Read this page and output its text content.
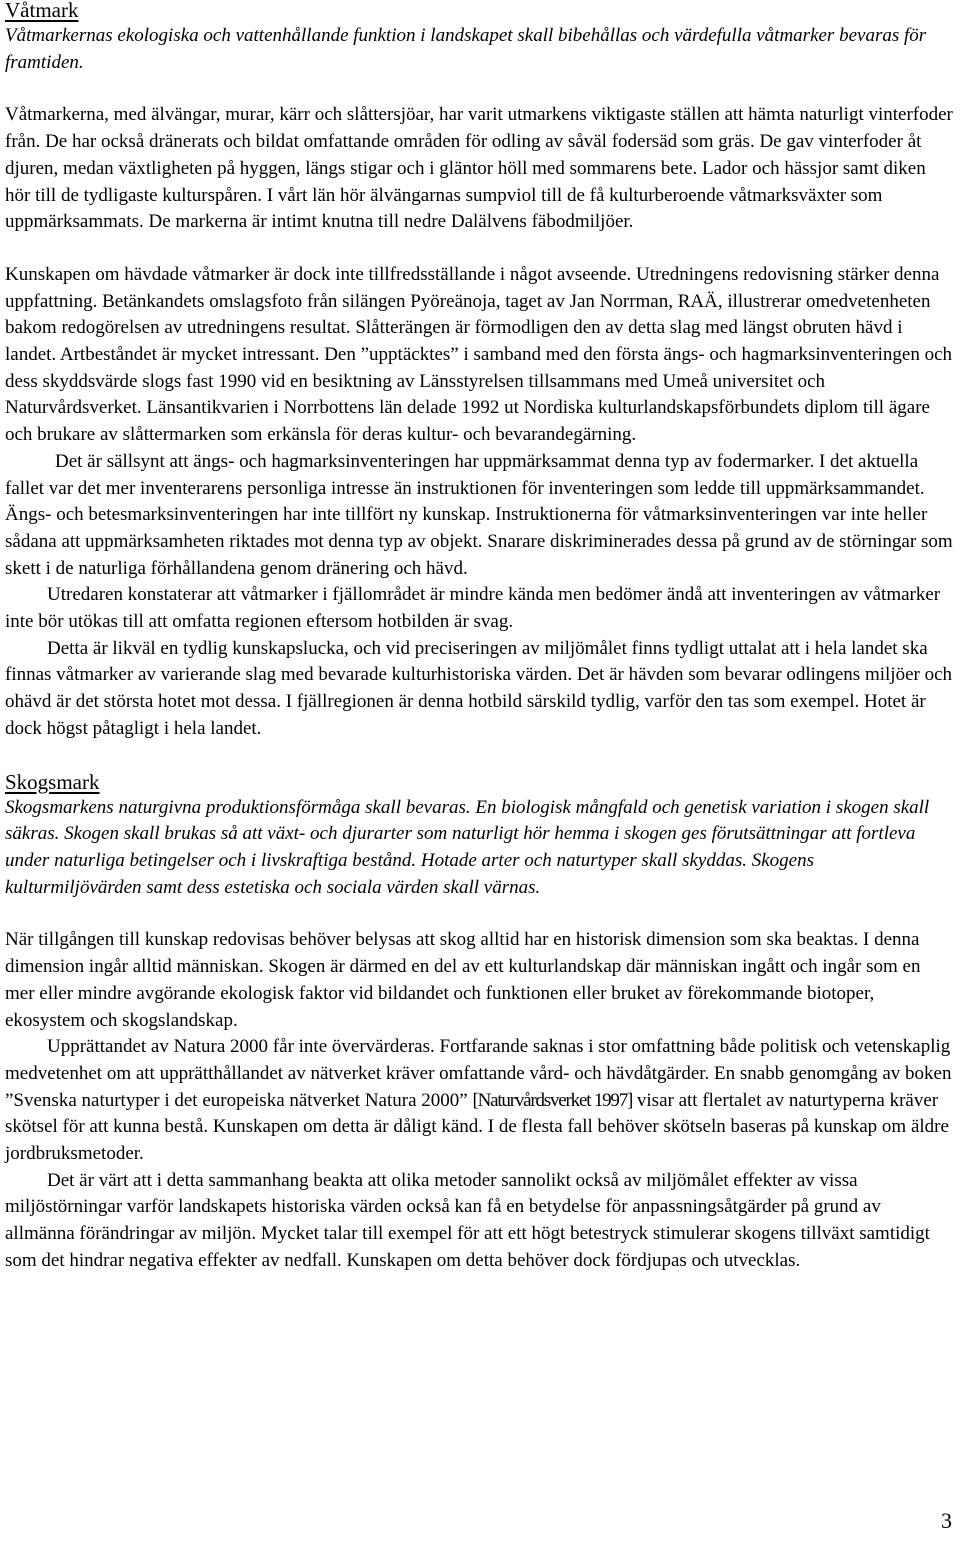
Våtmark

Våtmarkernas ekologiska och vattenhållande funktion i landskapet skall bibehållas och värdefulla våtmarker bevaras för framtiden.

Våtmarkerna, med älvängar, murar, kärr och slåttersjöar, har varit utmarkens viktigaste ställen att hämta naturligt vinterfoder från. De har också dränerats och bildat omfattande områden för odling av såväl fodersäd som gräs. De gav vinterfoder åt djuren, medan växtligheten på hyggen, längs stigar och i gläntor höll med sommarens bete. Lador och hässjor samt diken hör till de tydligaste kulturspåren. I vårt län hör älvängarnas sumpviol till de få kulturberoende våtmarksväxter som uppmärksammats. De markerna är intimt knutna till nedre Dalälvens fäbodmiljöer.

Kunskapen om hävdade våtmarker är dock inte tillfredsställande i något avseende. Utredningens redovisning stärker denna uppfattning. Betänkandets omslagsfoto från silängen Pyöreänoja, taget av Jan Norrman, RAÄ, illustrerar omedvetenheten bakom redogörelsen av utredningens resultat. Slåtterängen är förmodligen den av detta slag med längst obruten hävd i landet. Artbeståndet är mycket intressant. Den ”upptäcktes” i samband med den första ängs- och hagmarksinventeringen och dess skyddsvärde slogs fast 1990 vid en besiktning av Länsstyrelsen tillsammans med Umeå universitet och Naturvårdsverket. Länsantikvarien i Norrbottens län delade 1992 ut Nordiska kulturlandskapsförbundets diplom till ägare och brukare av slåttermarken som erkänsla för deras kultur- och bevarandegärning.

Det är sällsynt att ängs- och hagmarksinventeringen har uppmärksammat denna typ av fodermarker. I det aktuella fallet var det mer inventerarens personliga intresse än instruktionen för inventeringen som ledde till uppmärksammandet. Ängs- och betesmarksinventeringen har inte tillfört ny kunskap. Instruktionerna för våtmarksinventeringen var inte heller sådana att uppmärksamheten riktades mot denna typ av objekt. Snarare diskriminerades dessa på grund av de störningar som skett i de naturliga förhållandena genom dränering och hävd.

Utredaren konstaterar att våtmarker i fjällområdet är mindre kända men bedömer ändå att inventeringen av våtmarker inte bör utökas till att omfatta regionen eftersom hotbilden är svag.

Detta är likväl en tydlig kunskapslucka, och vid preciseringen av miljömålet finns tydligt uttalat att i hela landet ska finnas våtmarker av varierande slag med bevarade kulturhistoriska värden. Det är hävden som bevarar odlingens miljöer och ohävd är det största hotet mot dessa. I fjällregionen är denna hotbild särskild tydlig, varför den tas som exempel. Hotet är dock högst påtagligt i hela landet.

Skogsmark

Skogsmarkens naturgivna produktionsförmåga skall bevaras. En biologisk mångfald och genetisk variation i skogen skall säkras. Skogen skall brukas så att växt- och djurarter som naturligt hör hemma i skogen ges förutsättningar att fortleva under naturliga betingelser och i livskraftiga bestånd. Hotade arter och naturtyper skall skyddas. Skogens kulturmiljövärden samt dess estetiska och sociala värden skall värnas.

När tillgången till kunskap redovisas behöver belysas att skog alltid har en historisk dimension som ska beaktas. I denna dimension ingår alltid människan. Skogen är därmed en del av ett kulturlandskap där människan ingått och ingår som en mer eller mindre avgörande ekologisk faktor vid bildandet och funktionen eller bruket av förekommande biotoper, ekosystem och skogslandskap.

Upprättandet av Natura 2000 får inte övervärderas. Fortfarande saknas i stor omfattning både politisk och vetenskaplig medvetenhet om att upprätthållandet av nätverket kräver omfattande vård- och hävdåtgärder. En snabb genomgång av boken ”Svenska naturtyper i det europeiska nätverket Natura 2000” [Naturvårdsverket 1997] visar att flertalet av naturtyperna kräver skötsel för att kunna bestå. Kunskapen om detta är dåligt känd. I de flesta fall behöver skötseln baseras på kunskap om äldre jordbruksmetoder.

Det är värt att i detta sammanhang beakta att olika metoder sannolikt också av miljömålet effekter av vissa miljöstörningar varför landskapets historiska värden också kan få en betydelse för anpassningsåtgärder på grund av allmänna förändringar av miljön. Mycket talar till exempel för att ett högt betestryck stimulerar skogens tillväxt samtidigt som det hindrar negativa effekter av nedfall. Kunskapen om detta behöver dock fördjupas och utvecklas.

3
